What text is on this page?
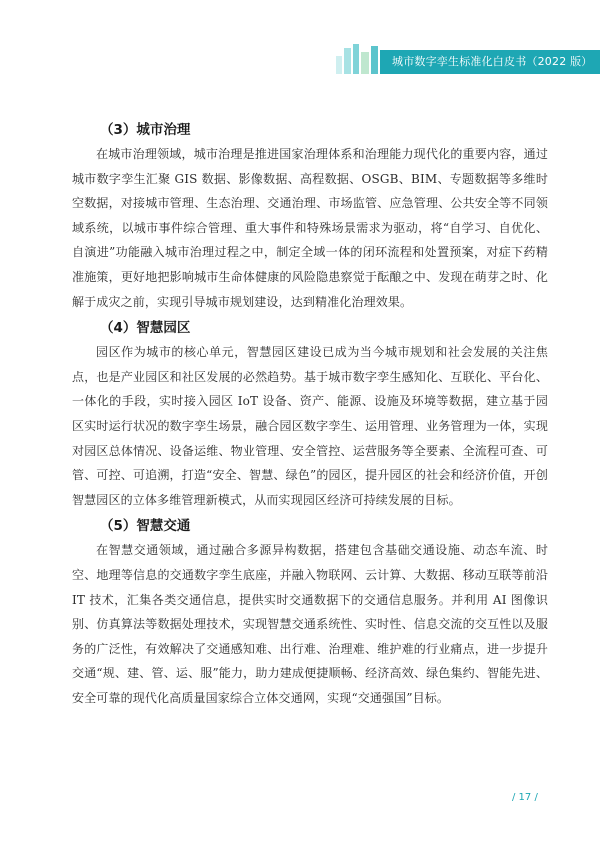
城市数字孪生标准化白皮书（2022 版）
（3）城市治理

在城市治理领域，城市治理是推进国家治理体系和治理能力现代化的重要内容，通过城市数字孪生汇聚 GIS 数据、影像数据、高程数据、OSGB、BIM、专题数据等多维时空数据，对接城市管理、生态治理、交通治理、市场监管、应急管理、公共安全等不同领域系统，以城市事件综合管理、重大事件和特殊场景需求为驱动，将“自学习、自优化、自演进”功能融入城市治理过程之中，制定全域一体的闭环流程和处置预案，对症下药精准施策，更好地把影响城市生命体健康的风险隐患察觉于酝酿之中、发现在萌芽之时、化解于成灾之前，实现引导城市规划建设，达到精准化治理效果。

（4）智慧园区

园区作为城市的核心单元，智慧园区建设已成为当今城市规划和社会发展的关注焦点，也是产业园区和社区发展的必然趋势。基于城市数字孪生感知化、互联化、平台化、一体化的手段，实时接入园区 IoT 设备、资产、能源、设施及环境等数据，建立基于园区实时运行状况的数字孪生场景，融合园区数字孪生、运用管理、业务管理为一体，实现对园区总体情况、设备运维、物业管理、安全管控、运营服务等全要素、全流程可查、可管、可控、可追溯，打造“安全、智慧、绿色”的园区，提升园区的社会和经济价值，开创智慧园区的立体多维管理新模式，从而实现园区经济可持续发展的目标。

（5）智慧交通

在智慧交通领域，通过融合多源异构数据，搭建包含基础交通设施、动态车流、时空、地理等信息的交通数字孪生底座，并融入物联网、云计算、大数据、移动互联等前沿 IT 技术，汇集各类交通信息，提供实时交通数据下的交通信息服务。并利用 AI 图像识别、仿真算法等数据处理技术，实现智慧交通系统性、实时性、信息交流的交互性以及服务的广泛性，有效解决了交通感知难、出行难、治理难、维护难的行业痛点，进一步提升交通“规、建、管、运、服”能力，助力建成便捷顺畅、经济高效、绿色集约、智能先进、安全可靠的现代化高质量国家综合立体交通网，实现“交通强国”目标。

/ 17 /
